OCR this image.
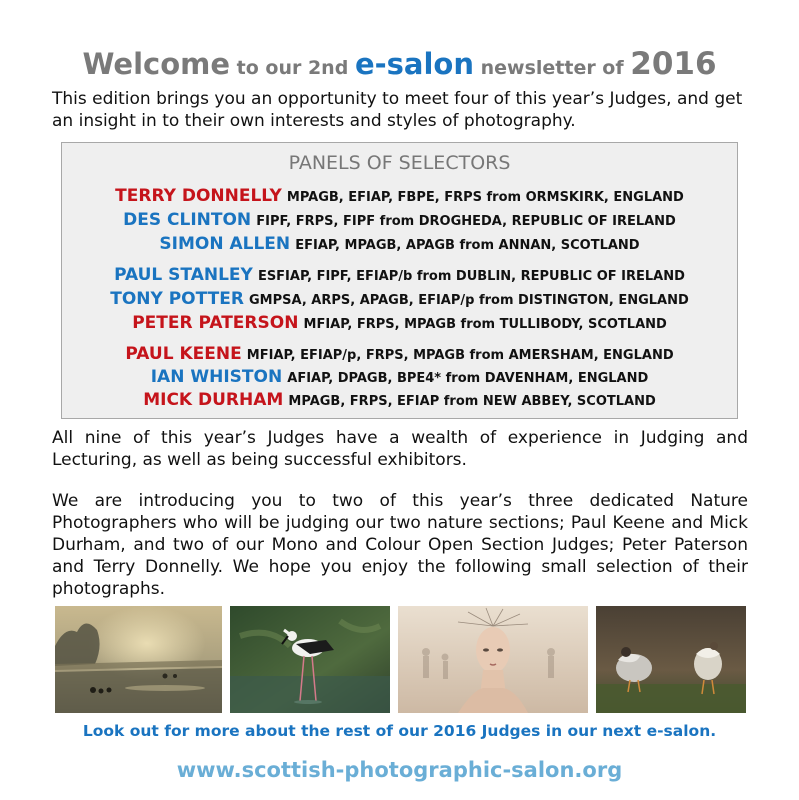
Welcome to our 2nd e-salon newsletter of 2016
This edition brings you an opportunity to meet four of this year’s Judges, and get an insight in to their own interests and styles of photography.
PANELS OF SELECTORS
TERRY DONNELLY MPAGB, EFIAP, FBPE, FRPS from ORMSKIRK, ENGLAND
DES CLINTON FIPF, FRPS, FIPF from DROGHEDA, REPUBLIC OF IRELAND
SIMON ALLEN EFIAP, MPAGB, APAGB from ANNAN, SCOTLAND
PAUL STANLEY ESFIAP, FIPF, EFIAP/b from DUBLIN, REPUBLIC OF IRELAND
TONY POTTER GMPSA, ARPS, APAGB, EFIAP/p from DISTINGTON, ENGLAND
PETER PATERSON MFIAP, FRPS, MPAGB from TULLIBODY, SCOTLAND
PAUL KEENE MFIAP, EFIAP/p, FRPS, MPAGB from AMERSHAM, ENGLAND
IAN WHISTON AFIAP, DPAGB, BPE4* from DAVENHAM, ENGLAND
MICK DURHAM MPAGB, FRPS, EFIAP from NEW ABBEY, SCOTLAND
All nine of this year’s Judges have a wealth of experience in Judging and Lecturing, as well as being successful exhibitors.
We are introducing you to two of this year’s three dedicated Nature Photographers who will be judging our two nature sections; Paul Keene and Mick Durham, and two of our Mono and Colour Open Section Judges; Peter Paterson and Terry Donnelly. We hope you enjoy the following small selection of their photographs.
Look out for more about the rest of our 2016 Judges in our next e-salon.
www.scottish-photographic-salon.org
